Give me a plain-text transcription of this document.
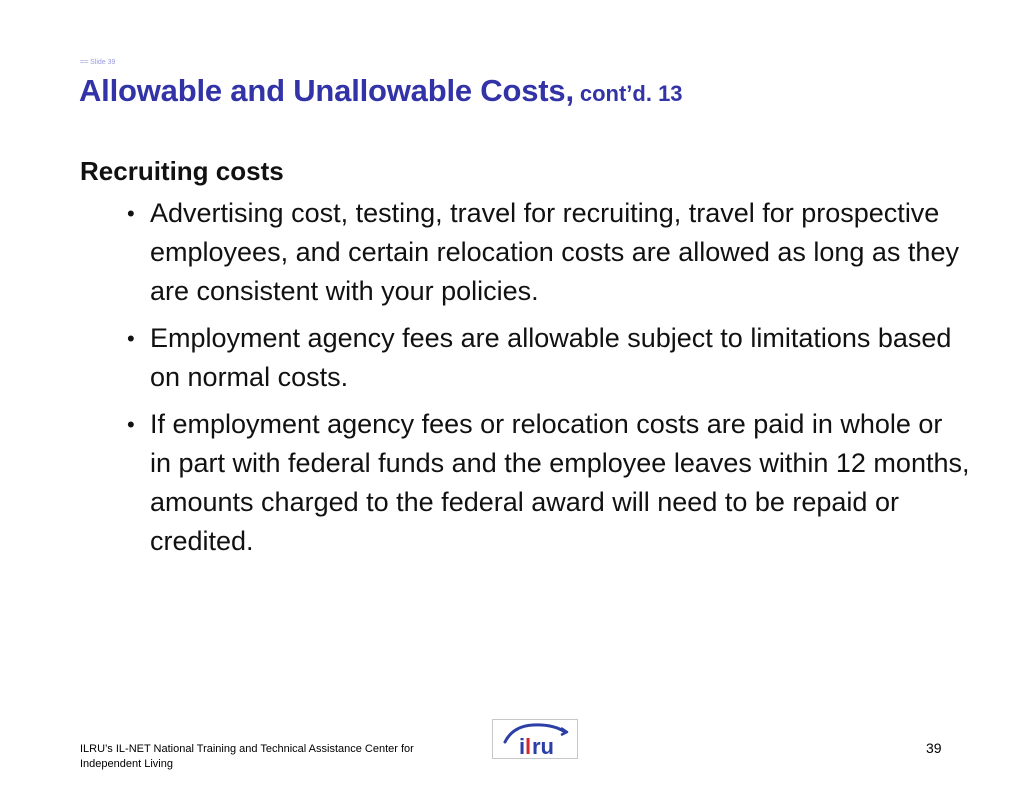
== Slide 39
Allowable and Unallowable Costs, cont’d. 13

Recruiting costs

• Advertising cost, testing, travel for recruiting, travel for prospective employees, and certain relocation costs are allowed as long as they are consistent with your policies.
• Employment agency fees are allowable subject to limitations based on normal costs.
• If employment agency fees or relocation costs are paid in whole or in part with federal funds and the employee leaves within 12 months, amounts charged to the federal award will need to be repaid or credited.
ILRU’s IL-NET National Training and Technical Assistance Center for Independent Living
i l ru	39
